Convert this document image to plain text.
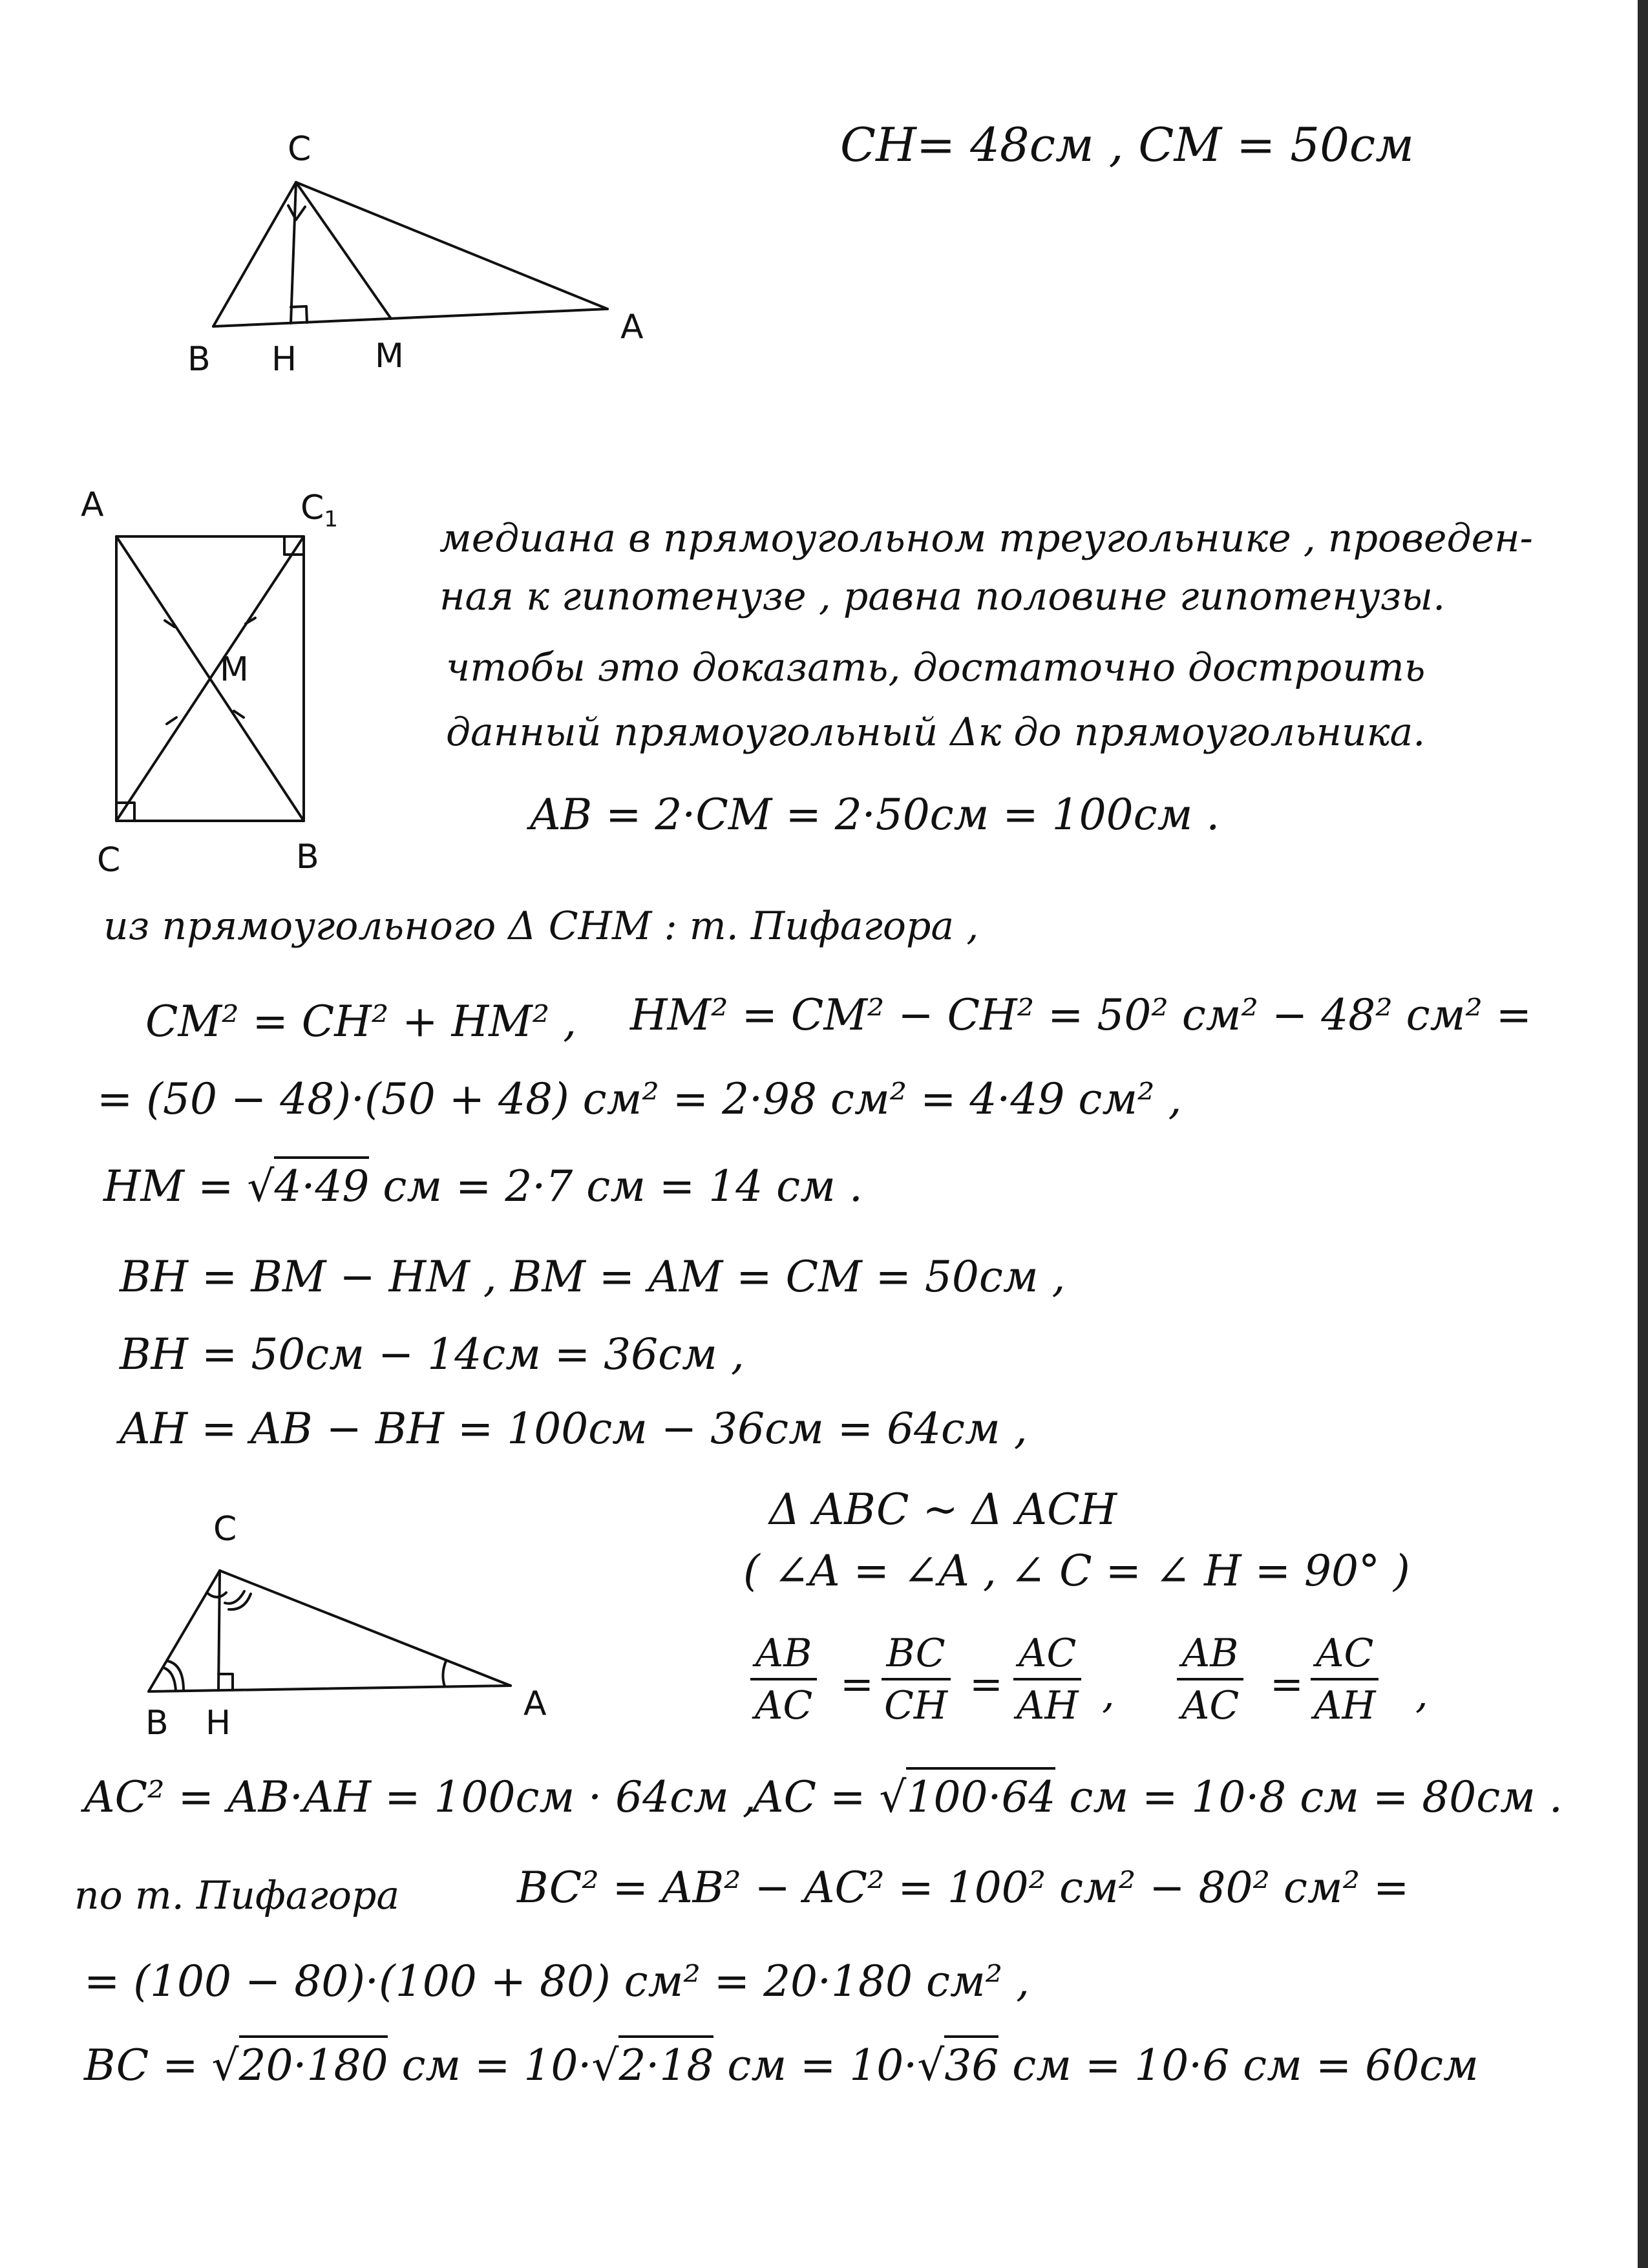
CH= 48см , CM = 50см
C
B H M
A
A	$C_1$
M
C	B
медиана в прямоугольном треугольнике , проведен-
ная к гипотенузе , равна половине гипотенузы.
чтобы это доказать, достаточно достроить
данный прямоугольный Δк до прямоугольника.
AB = 2·CM = 2·50см = 100см .
из прямоугольного Δ CHM : т. Пифагора ,
CM² = CH² + HM² , HM² = CM² − CH² = 50² см² − 48² см² =
= (50 − 48)·(50 + 48) см² = 2·98 см² = 4·49 см² ,
HM = √4·49 см = 2·7 см = 14 см .
BH = BM − HM , BM = AM = CM = 50см ,
BH = 50см − 14см = 36см ,
AH = AB − BH = 100см − 36см = 64см ,
C
B H	A
Δ ABC ~ Δ ACH
( ∠A = ∠A , ∠ C = ∠ H = 90° )
$\frac{AB}{AC} = \frac{BC}{CH} = \frac{AC}{AH}$ , $\frac{AB}{AC} = \frac{AC}{AH}$ ,
AC² = AB·AH = 100см · 64см ,
AC = √100·64 см = 10·8 см = 80см .
по т. Пифагора	BC² = AB² − AC² = 100² см² − 80² см² =
= (100 − 80)·(100 + 80) см² = 20·180 см² ,
BC = √20·180 см = 10·√2·18 см = 10·√36 см = 10·6 см = 60см
